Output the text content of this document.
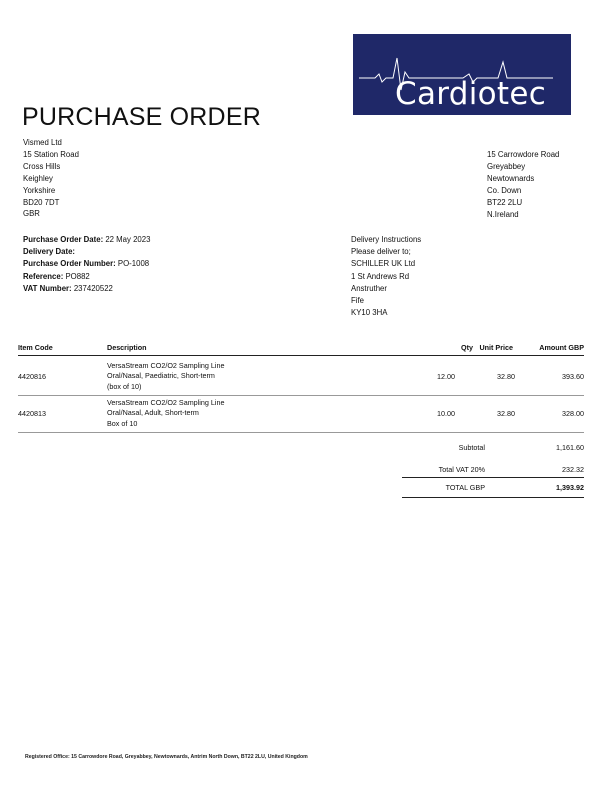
Cardiotec
PURCHASE ORDER
Vismed Ltd
15 Station Road
Cross Hills
Keighley
Yorkshire
BD20 7DT
GBR
15 Carrowdore Road
Greyabbey
Newtownards
Co. Down
BT22 2LU
N.Ireland
Purchase Order Date: 22 May 2023
Delivery Date:
Purchase Order Number: PO-1008
Reference: PO882
VAT Number: 237420522
Delivery Instructions
Please deliver to;
SCHILLER UK Ltd
1 St Andrews Rd
Anstruther
Fife
KY10 3HA
Item Code	Description	Qty Unit Price	Amount GBP
4420816
VersaStream CO2/O2 Sampling Line
Oral/Nasal, Paediatric, Short-term
(box of 10)
12.00	32.80	393.60
4420813
VersaStream CO2/O2 Sampling Line
Oral/Nasal, Adult, Short-term
Box of 10
10.00	32.80	328.00
Subtotal	1,161.60
Total VAT 20%	232.32
TOTAL GBP	1,393.92
Registered Office: 15 Carrowdore Road, Greyabbey, Newtownards, Antrim North Down, BT22 2LU, United Kingdom
